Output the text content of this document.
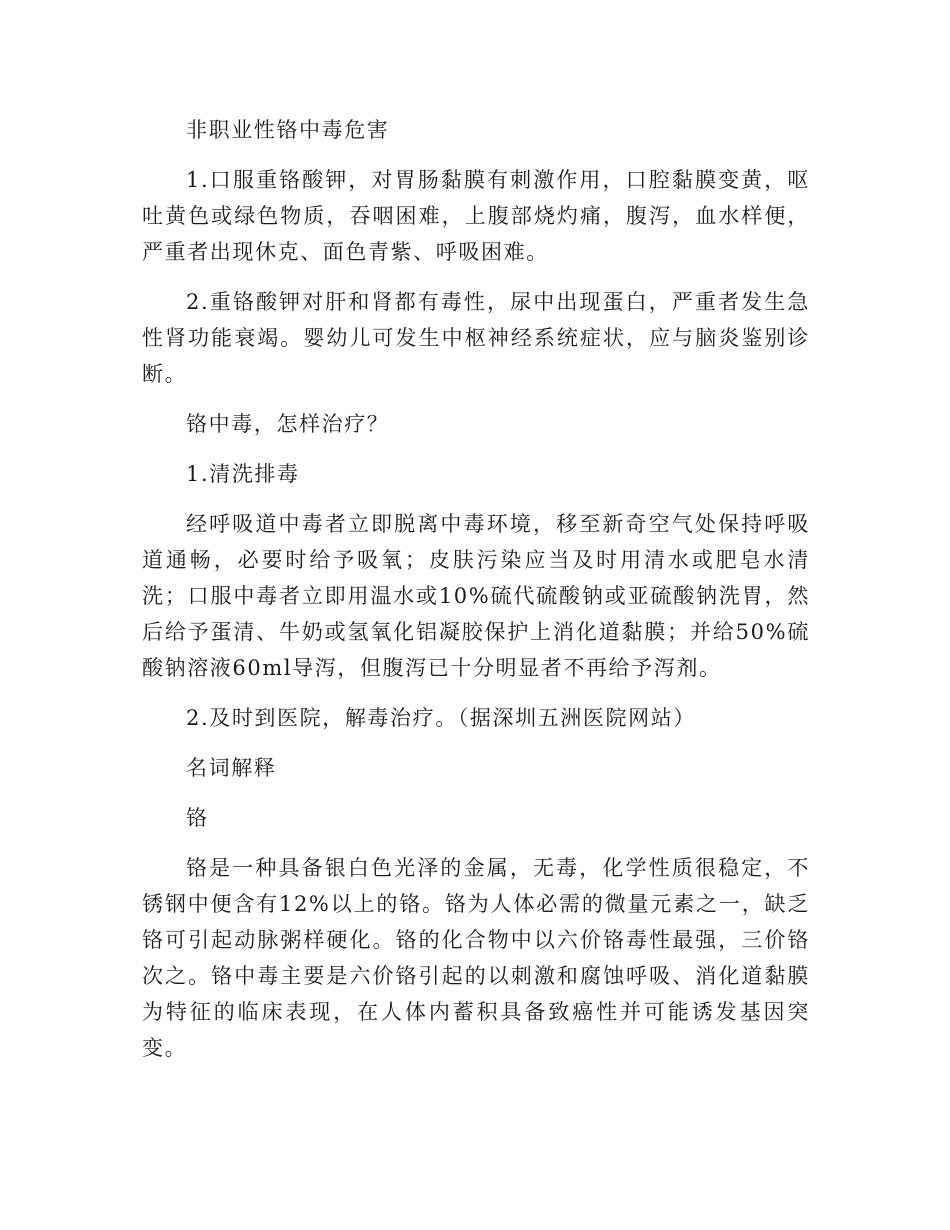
非职业性铬中毒危害

1.口服重铬酸钾，对胃肠黏膜有刺激作用，口腔黏膜变黄，呕吐黄色或绿色物质，吞咽困难，上腹部烧灼痛，腹泻，血水样便，严重者出现休克、面色青紫、呼吸困难。

2.重铬酸钾对肝和肾都有毒性，尿中出现蛋白，严重者发生急性肾功能衰竭。婴幼儿可发生中枢神经系统症状，应与脑炎鉴别诊断。

铬中毒，怎样治疗？

1.清洗排毒

经呼吸道中毒者立即脱离中毒环境，移至新奇空气处保持呼吸道通畅，必要时给予吸氧；皮肤污染应当及时用清水或肥皂水清洗；口服中毒者立即用温水或10%硫代硫酸钠或亚硫酸钠洗胃，然后给予蛋清、牛奶或氢氧化铝凝胶保护上消化道黏膜；并给50%硫酸钠溶液60ml导泻，但腹泻已十分明显者不再给予泻剂。

2.及时到医院，解毒治疗。（据深圳五洲医院网站）

名词解释

铬

铬是一种具备银白色光泽的金属，无毒，化学性质很稳定，不锈钢中便含有12%以上的铬。铬为人体必需的微量元素之一，缺乏铬可引起动脉粥样硬化。铬的化合物中以六价铬毒性最强，三价铬次之。铬中毒主要是六价铬引起的以刺激和腐蚀呼吸、消化道黏膜为特征的临床表现，在人体内蓄积具备致癌性并可能诱发基因突变。
